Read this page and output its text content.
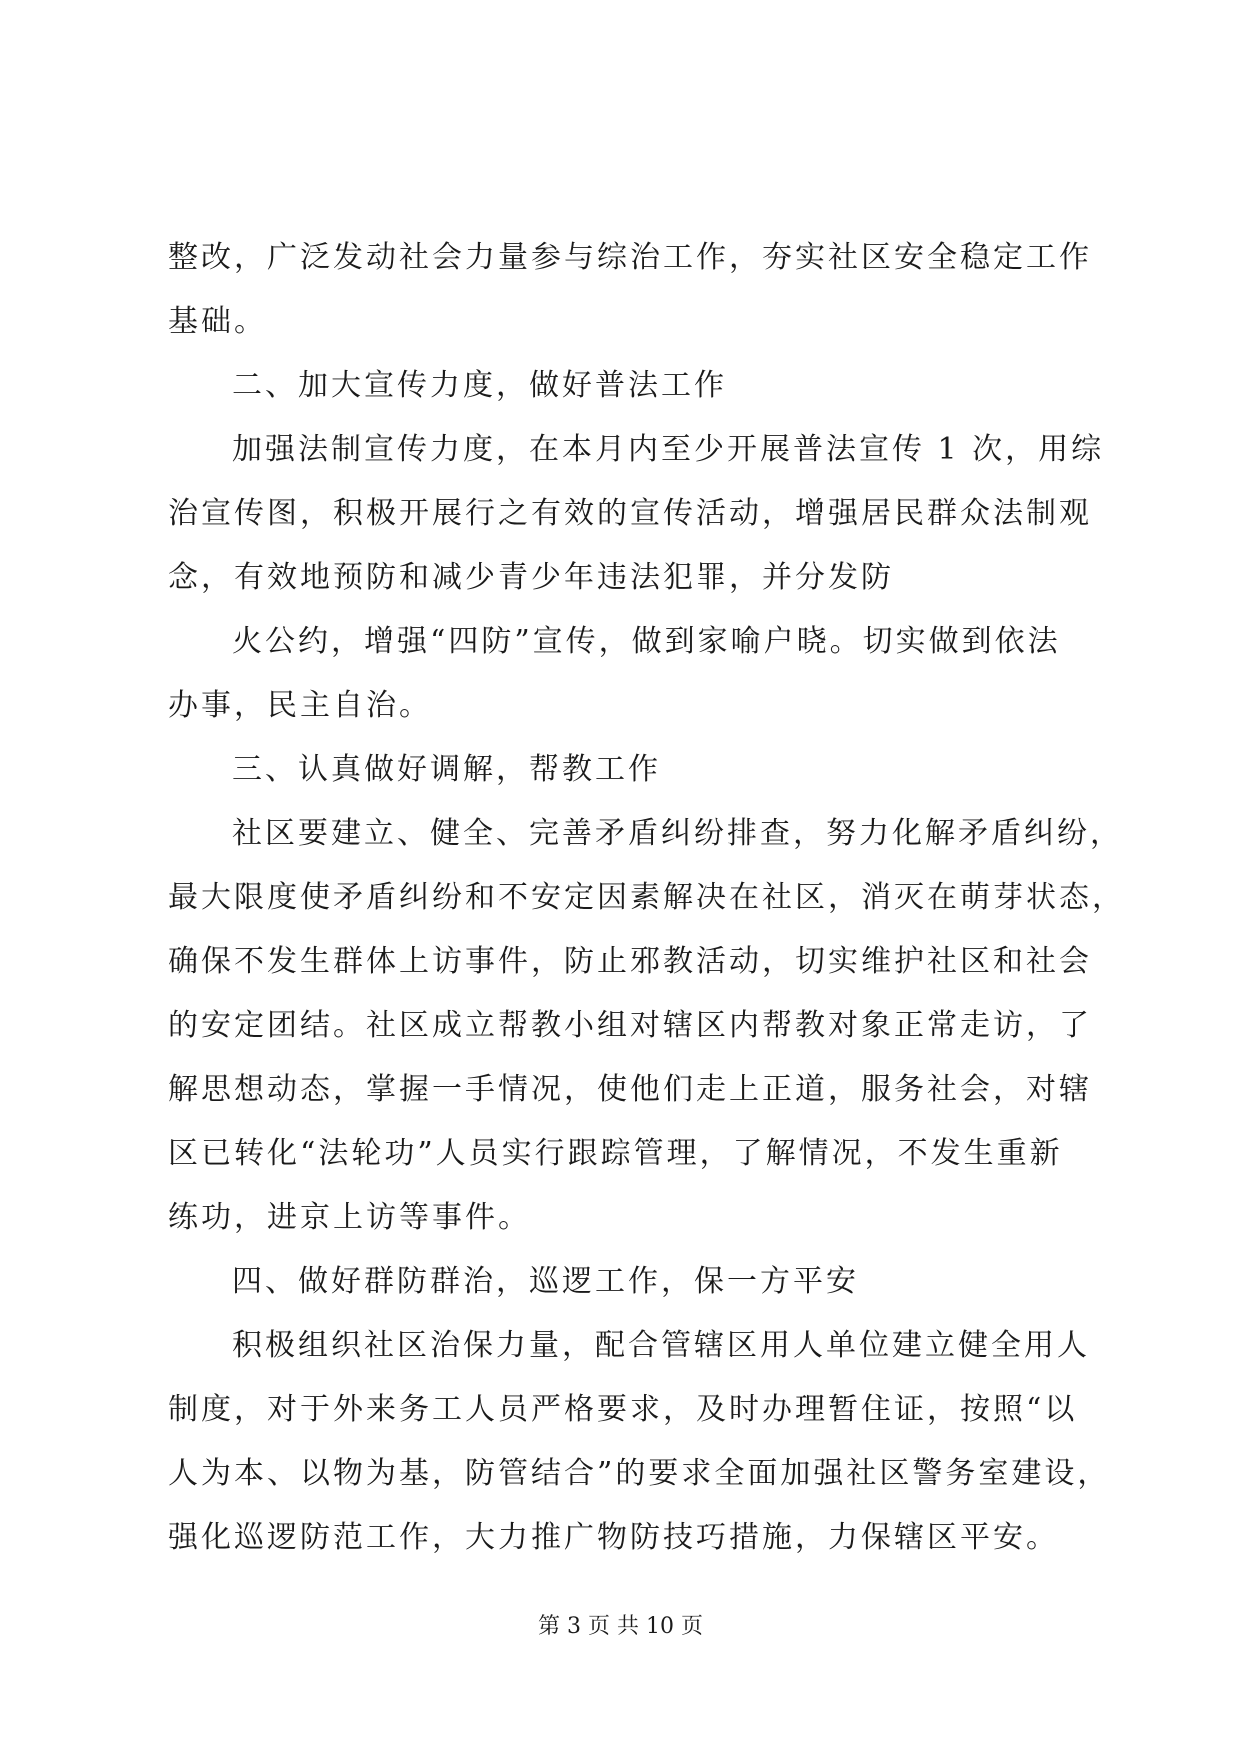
整改，广泛发动社会力量参与综治工作，夯实社区安全稳定工作
基础。
二、加大宣传力度，做好普法工作
加强法制宣传力度，在本月内至少开展普法宣传 1 次，用综
治宣传图，积极开展行之有效的宣传活动，增强居民群众法制观
念，有效地预防和减少青少年违法犯罪，并分发防
火公约，增强“四防”宣传，做到家喻户晓。切实做到依法
办事，民主自治。
三、认真做好调解，帮教工作
社区要建立、健全、完善矛盾纠纷排查，努力化解矛盾纠纷，
最大限度使矛盾纠纷和不安定因素解决在社区，消灭在萌芽状态，
确保不发生群体上访事件，防止邪教活动，切实维护社区和社会
的安定团结。社区成立帮教小组对辖区内帮教对象正常走访，了
解思想动态，掌握一手情况，使他们走上正道，服务社会，对辖
区已转化“法轮功”人员实行跟踪管理，了解情况，不发生重新
练功，进京上访等事件。
四、做好群防群治，巡逻工作，保一方平安
积极组织社区治保力量，配合管辖区用人单位建立健全用人
制度，对于外来务工人员严格要求，及时办理暂住证，按照“以
人为本、以物为基，防管结合”的要求全面加强社区警务室建设，
强化巡逻防范工作，大力推广物防技巧措施，力保辖区平安。
第 3 页 共 10 页
